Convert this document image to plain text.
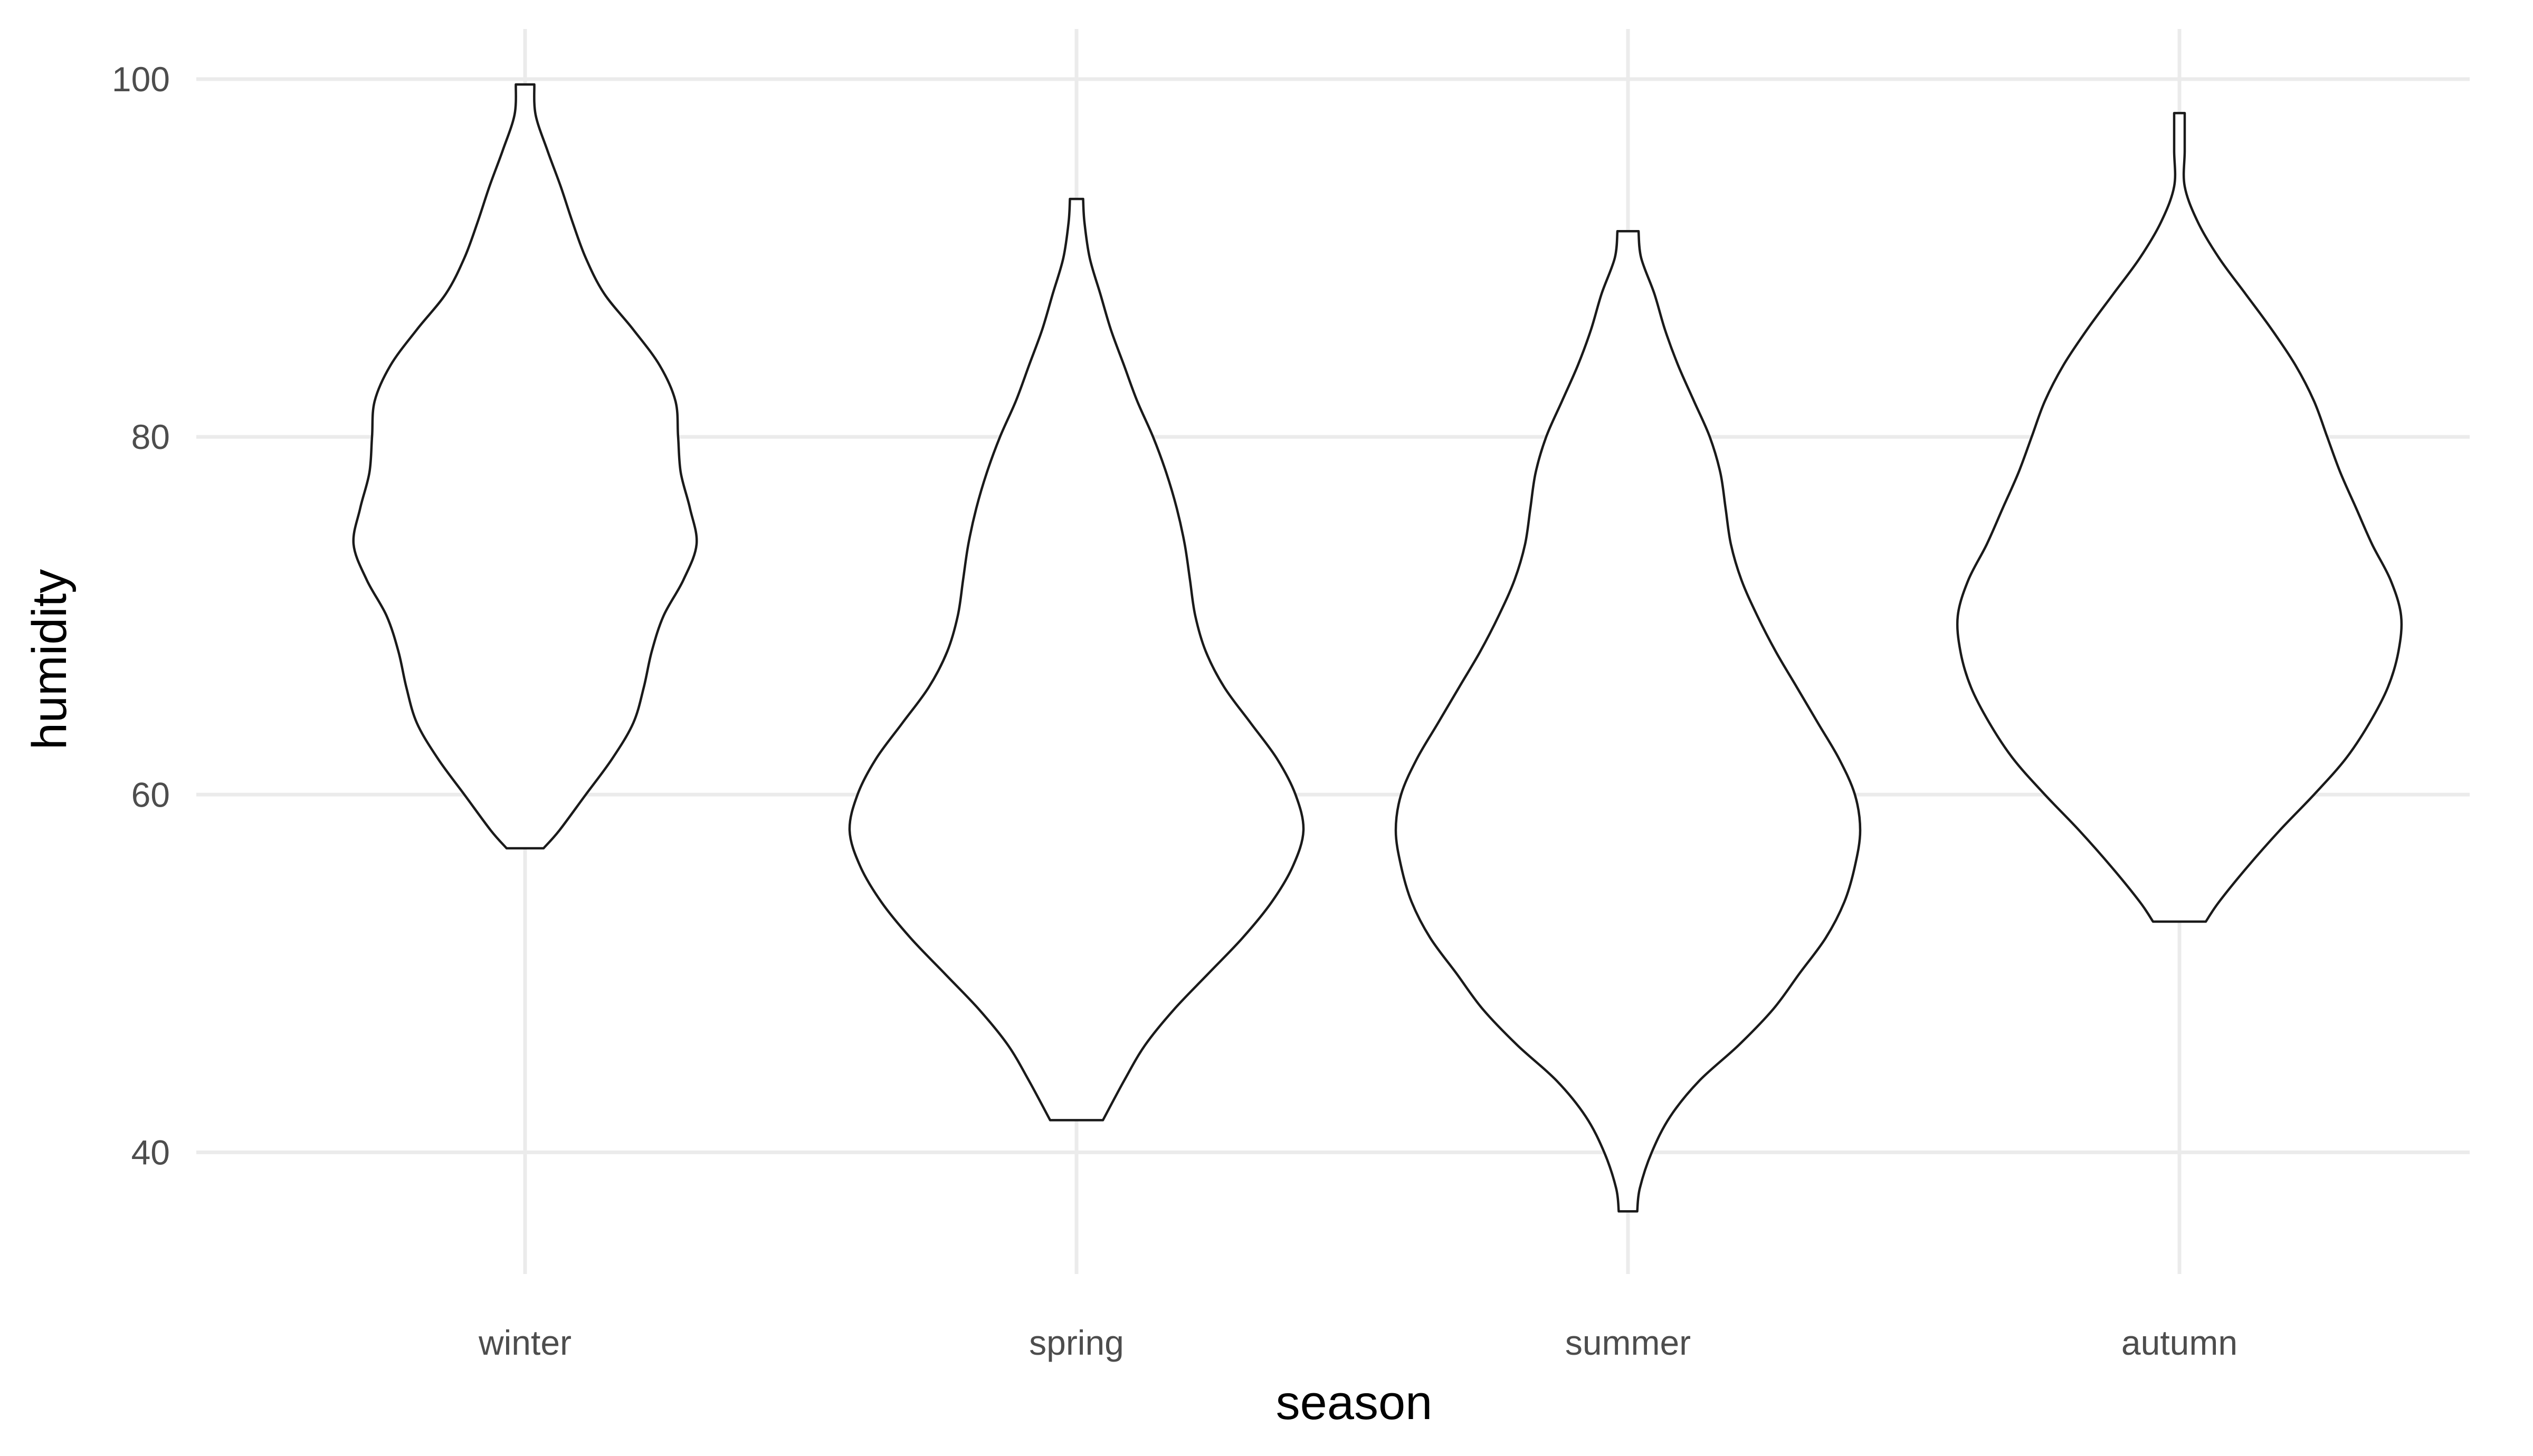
40
60
80
100
winter	spring	summer	autumn
season
humidity
